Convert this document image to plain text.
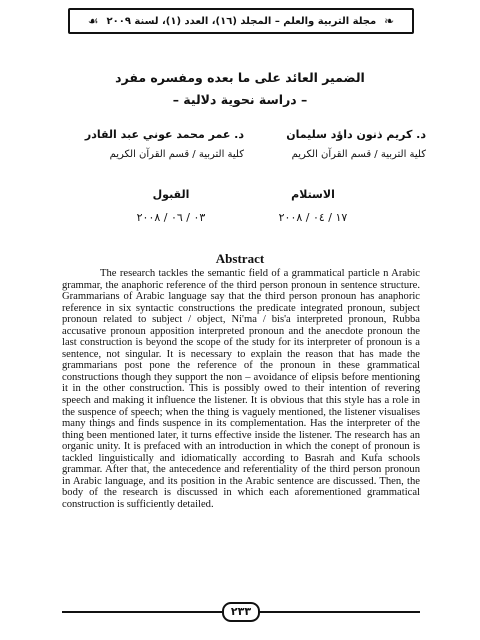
❧
مجلة التربية والعلم – المجلد (١٦)، العدد (١)، لسنة ٢٠٠٩
☙
الضمير العائد على ما بعده ومفسره مفرد
– دراسة نحوية دلالية –
د. كريم ذنون داؤد سليمان
كلية التربية / قسم القرآن الكريم
د. عمر محمد عوني عبد القادر
كلية التربية / قسم القرآن الكريم
الاستلام
١٧ / ٠٤ / ٢٠٠٨
القبول
٠٣ / ٠٦ / ٢٠٠٨
Abstract
The research tackles the semantic field of a grammatical particle n Arabic grammar, the anaphoric reference of the third person pronoun in sentence structure. Grammarians of Arabic language say that the third person pronoun has anaphoric reference in six syntactic constructions the predicate integrated pronoun, subject pronoun related to subject / object, Ni'ma / bis'a interpreted pronoun, Rubba accusative pronoun apposition interpreted pronoun and the anecdote pronoun the last construction is beyond the scope of the study for its interpreter of pronoun is a sentence, not singular. It is necessary to explain the reason that has made the grammarians post pone the reference of the pronoun in these grammatical constructions though they support the non – avoidance of elipsis before mentioning it in the other construction. This is possibly owed to their intention of revering speech and making it influence the listener. It is obvious that this style has a role in the suspence of speech; when the thing is vaguely mentioned, the listener visualises many things and finds suspence in its complementation. Has the interpreter of the thing been mentioned later, it turns effective inside the listener. The research has an organic unity. It is prefaced with an introduction in which the conept of pronoun is tackled linguistically and idiomatically according to Basrah and Kufa schools grammar. After that, the antecedence and referentiality of the third person pronoun in Arabic language, and its position in the Arabic sentence are discussed. Then, the body of the research is discussed in which each aforementioned grammatical construction is sufficiently detailed.
٢٣٣
